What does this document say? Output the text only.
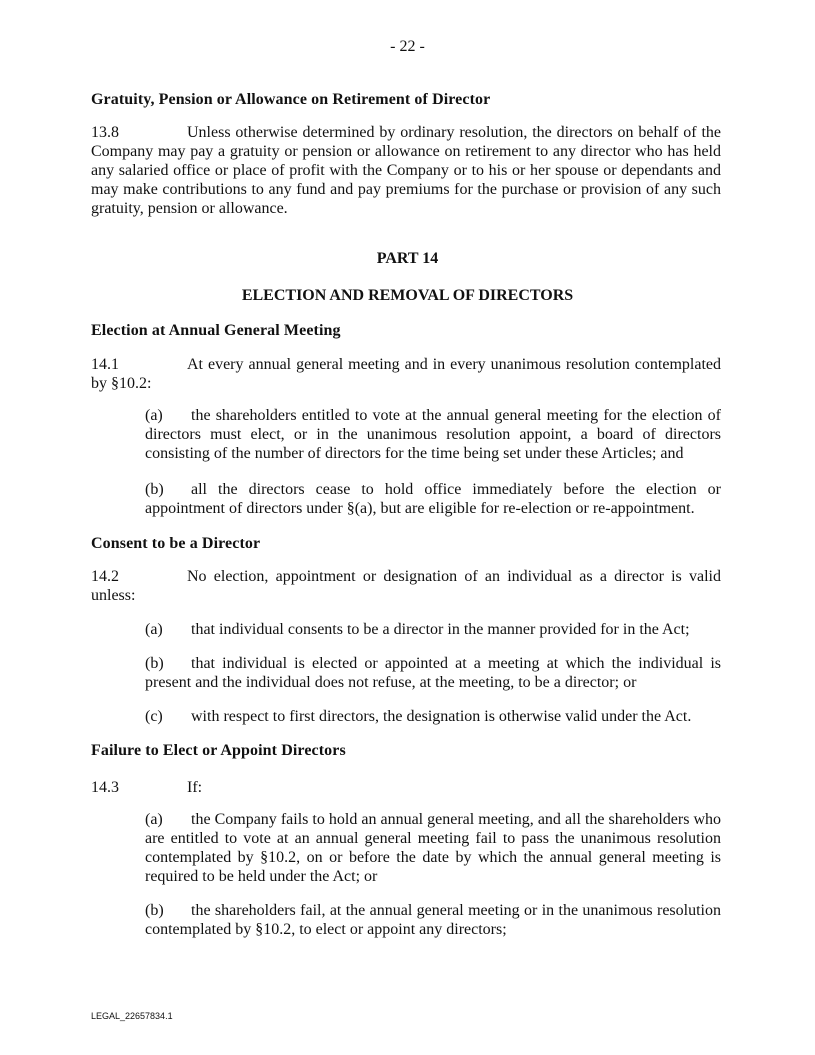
- 22 -
Gratuity, Pension or Allowance on Retirement of Director
13.8	Unless otherwise determined by ordinary resolution, the directors on behalf of the Company may pay a gratuity or pension or allowance on retirement to any director who has held any salaried office or place of profit with the Company or to his or her spouse or dependants and may make contributions to any fund and pay premiums for the purchase or provision of any such gratuity, pension or allowance.
PART 14
ELECTION AND REMOVAL OF DIRECTORS
Election at Annual General Meeting
14.1	At every annual general meeting and in every unanimous resolution contemplated by §10.2:
(a) the shareholders entitled to vote at the annual general meeting for the election of directors must elect, or in the unanimous resolution appoint, a board of directors consisting of the number of directors for the time being set under these Articles; and
(b) all the directors cease to hold office immediately before the election or appointment of directors under §(a), but are eligible for re-election or re-appointment.
Consent to be a Director
14.2	No election, appointment or designation of an individual as a director is valid unless:
(a) that individual consents to be a director in the manner provided for in the Act;
(b) that individual is elected or appointed at a meeting at which the individual is present and the individual does not refuse, at the meeting, to be a director; or
(c) with respect to first directors, the designation is otherwise valid under the Act.
Failure to Elect or Appoint Directors
14.3	If:
(a) the Company fails to hold an annual general meeting, and all the shareholders who are entitled to vote at an annual general meeting fail to pass the unanimous resolution contemplated by §10.2, on or before the date by which the annual general meeting is required to be held under the Act; or
(b) the shareholders fail, at the annual general meeting or in the unanimous resolution contemplated by §10.2, to elect or appoint any directors;
LEGAL_22657834.1
